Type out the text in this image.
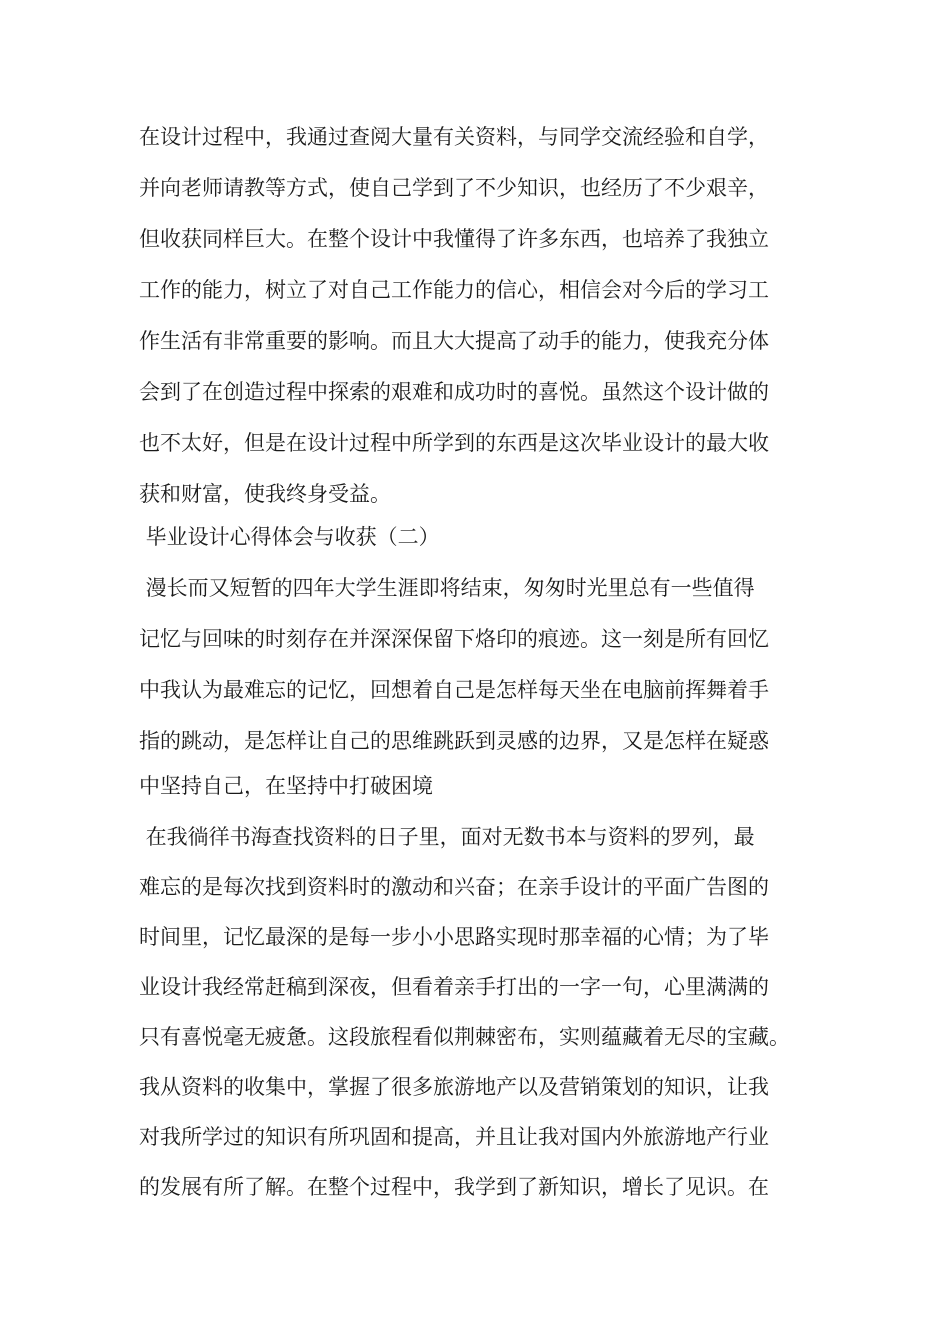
在设计过程中，我通过查阅大量有关资料，与同学交流经验和自学，

并向老师请教等方式，使自己学到了不少知识，也经历了不少艰辛，

但收获同样巨大。在整个设计中我懂得了许多东西，也培养了我独立

工作的能力，树立了对自己工作能力的信心，相信会对今后的学习工

作生活有非常重要的影响。而且大大提高了动手的能力，使我充分体

会到了在创造过程中探索的艰难和成功时的喜悦。虽然这个设计做的

也不太好，但是在设计过程中所学到的东西是这次毕业设计的最大收

获和财富，使我终身受益。

毕业设计心得体会与收获（二）

漫长而又短暂的四年大学生涯即将结束，匆匆时光里总有一些值得

记忆与回味的时刻存在并深深保留下烙印的痕迹。这一刻是所有回忆

中我认为最难忘的记忆，回想着自己是怎样每天坐在电脑前挥舞着手

指的跳动，是怎样让自己的思维跳跃到灵感的边界，又是怎样在疑惑

中坚持自己，在坚持中打破困境

在我徜徉书海查找资料的日子里，面对无数书本与资料的罗列，最

难忘的是每次找到资料时的激动和兴奋；在亲手设计的平面广告图的

时间里，记忆最深的是每一步小小思路实现时那幸福的心情；为了毕

业设计我经常赶稿到深夜，但看着亲手打出的一字一句，心里满满的

只有喜悦毫无疲惫。这段旅程看似荆棘密布，实则蕴藏着无尽的宝藏。

我从资料的收集中，掌握了很多旅游地产以及营销策划的知识，让我

对我所学过的知识有所巩固和提高，并且让我对国内外旅游地产行业

的发展有所了解。在整个过程中，我学到了新知识，增长了见识。在
